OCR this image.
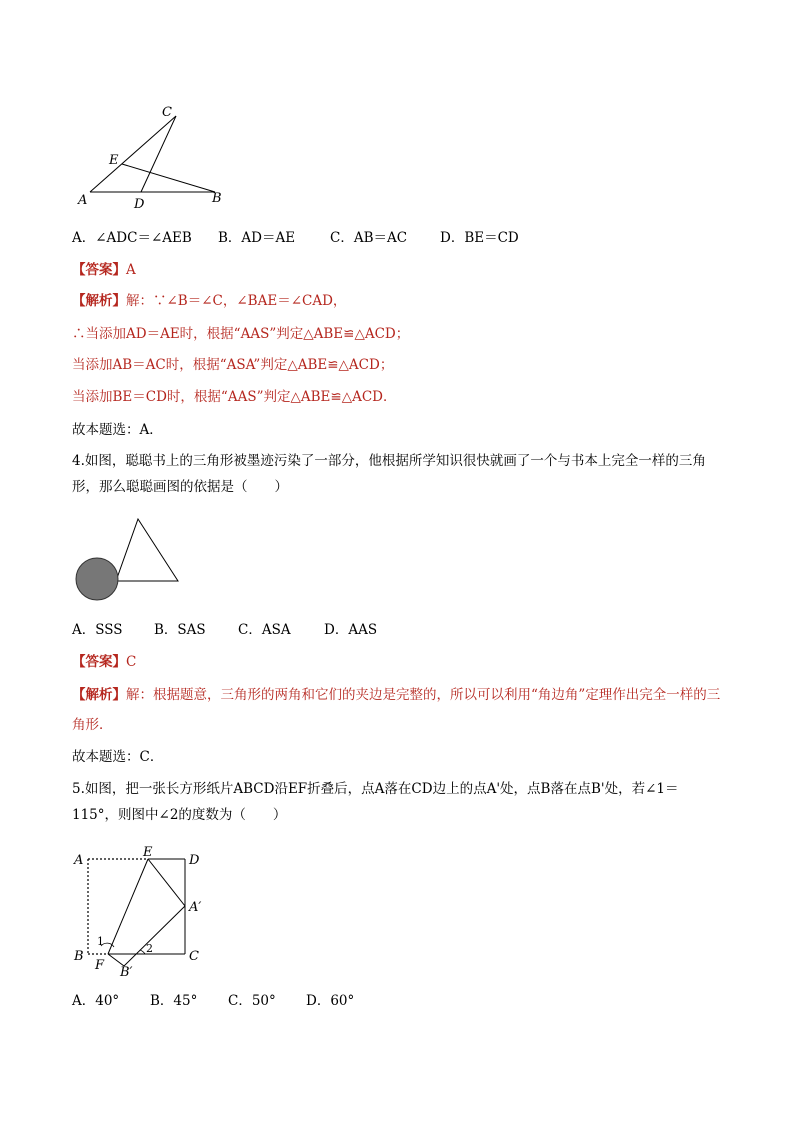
C
E
A	D	B
A．∠ADC＝∠AEB B．AD＝AE	C．AB＝AC D．BE＝CD
【答案】A
【解析】解：∵∠B＝∠C，∠BAE＝∠CAD，
∴当添加AD＝AE时，根据“AAS”判定△ABE≌△ACD；
当添加AB＝AC时，根据“ASA”判定△ABE≌△ACD；
当添加BE＝CD时，根据“AAS”判定△ABE≌△ACD．
故本题选：A．
4.如图，聪聪书上的三角形被墨迹污染了一部分，他根据所学知识很快就画了一个与书本上完全一样的三角形，那么聪聪画图的依据是（　　）
A．SSS B．SAS C．ASA D．AAS
【答案】C
【解析】解：根据题意，三角形的两角和它们的夹边是完整的，所以可以利用“角边角”定理作出完全一样的三角形．
故本题选：C．
5.如图，把一张长方形纸片ABCD沿EF折叠后，点A落在CD边上的点A'处，点B落在点B'处，若∠1＝115°，则图中∠2的度数为（　　）
A
E
D
A′
B
F B′
C
1
2
A．40° B．45° C．50° D．60°
